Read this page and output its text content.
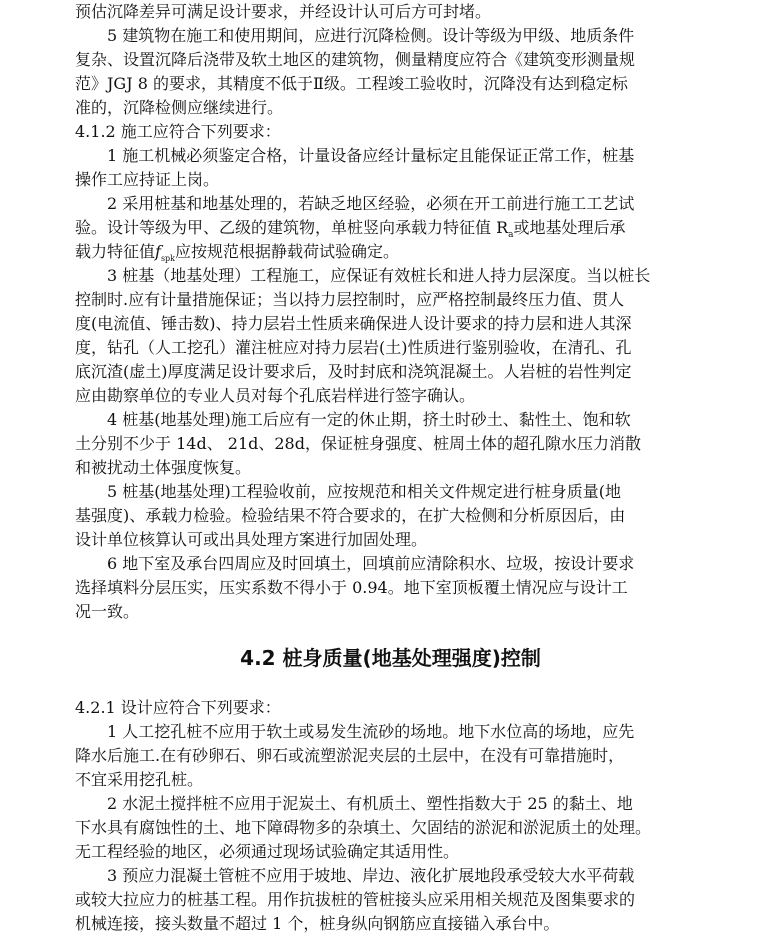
预估沉降差异可满足设计要求，并经设计认可后方可封堵。
5 建筑物在施工和使用期间，应进行沉降检侧。设计等级为甲级、地质条件
复杂、设置沉降后浇带及软土地区的建筑物，侧量精度应符合《建筑变形测量规
范》JGJ 8 的要求，其精度不低于Ⅱ级。工程竣工验收时，沉降没有达到稳定标
准的，沉降检侧应继续进行。
4.1.2 施工应符合下列要求：
1 施工机械必须鉴定合格，计量设备应经计量标定且能保证正常工作，桩基
操作工应持证上岗。
2 采用桩基和地基处理的，若缺乏地区经验，必须在开工前进行施工工艺试
验。设计等级为甲、乙级的建筑物，单桩竖向承载力特征值 $R_a$或地基处理后承
载力特征值$f_{spk}$应按规范根据静载荷试验确定。
3 桩基（地基处理）工程施工，应保证有效桩长和进人持力层深度。当以桩长
控制时.应有计量措施保证；当以持力层控制时，应严格控制最终压力值、贯人
度(电流值、锤击数)、持力层岩土性质来确保进人设计要求的持力层和进人其深
度，钻孔（人工挖孔）灌注桩应对持力层岩(土)性质进行鉴别验收，在清孔、孔
底沉渣(虚土)厚度满足设计要求后，及时封底和浇筑混凝土。人岩桩的岩性判定
应由勘察单位的专业人员对每个孔底岩样进行签字确认。
4 桩基(地基处理)施工后应有一定的休止期，挤土时砂土、黏性土、饱和软
土分别不少于 14d、 21d、28d，保证桩身强度、桩周土体的超孔隙水压力消散
和被扰动土体强度恢复。
5 桩基(地基处理)工程验收前，应按规范和相关文件规定进行桩身质量(地
基强度)、承载力检验。检验结果不符合要求的，在扩大检侧和分析原因后，由
设计单位核算认可或出具处理方案进行加固处理。
6 地下室及承台四周应及时回填土，回填前应清除积水、垃圾，按设计要求
选择填料分层压实，压实系数不得小于 0.94。地下室顶板覆土情况应与设计工
况一致。
4.2 桩身质量(地基处理强度)控制
4.2.1 设计应符合下列要求：
1 人工挖孔桩不应用于软土或易发生流砂的场地。地下水位高的场地，应先
降水后施工.在有砂卵石、卵石或流塑淤泥夹层的土层中，在没有可靠措施时，
不宜采用挖孔桩。
2 水泥土搅拌桩不应用于泥炭土、有机质土、塑性指数大于 25 的黏土、地
下水具有腐蚀性的土、地下障碍物多的杂填土、欠固结的淤泥和淤泥质土的处理。
无工程经验的地区，必须通过现场试验确定其适用性。
3 预应力混凝土管桩不应用于坡地、岸边、液化扩展地段承受较大水平荷载
或较大拉应力的桩基工程。用作抗拔桩的管桩接头应采用相关规范及图集要求的
机械连接，接头数量不超过 1 个，桩身纵向钢筋应直接锚入承台中。
